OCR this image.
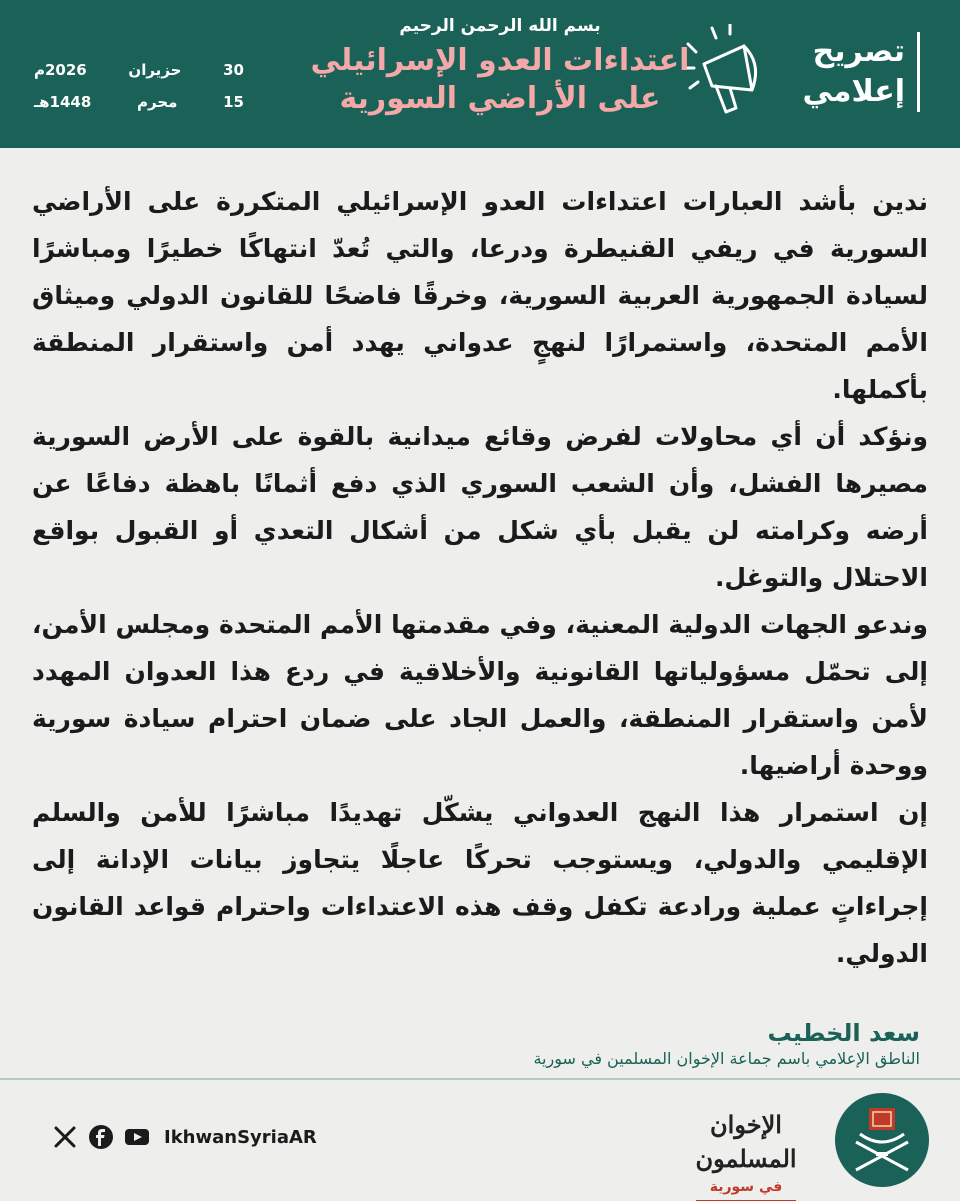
تصريح
إعلامي
بسم الله الرحمن الرحيم
اعتداءات العدو الإسرائيلي
على الأراضي السورية
30
حزيران
2026م
15
محرم
1448هـ

ندين بأشد العبارات اعتداءات العدو الإسرائيلي المتكررة على الأراضي السورية في ريفي القنيطرة ودرعا، والتي تُعدّ انتهاكًا خطيرًا ومباشرًا لسيادة الجمهورية العربية السورية، وخرقًا فاضحًا للقانون الدولي وميثاق الأمم المتحدة، واستمرارًا لنهجٍ عدواني يهدد أمن واستقرار المنطقة بأكملها.

ونؤكد أن أي محاولات لفرض وقائع ميدانية بالقوة على الأرض السورية مصيرها الفشل، وأن الشعب السوري الذي دفع أثمانًا باهظة دفاعًا عن أرضه وكرامته لن يقبل بأي شكل من أشكال التعدي أو القبول بواقع الاحتلال والتوغل.

وندعو الجهات الدولية المعنية، وفي مقدمتها الأمم المتحدة ومجلس الأمن، إلى تحمّل مسؤولياتها القانونية والأخلاقية في ردع هذا العدوان المهدد لأمن واستقرار المنطقة، والعمل الجاد على ضمان احترام سيادة سورية ووحدة أراضيها.

إن استمرار هذا النهج العدواني يشكّل تهديدًا مباشرًا للأمن والسلم الإقليمي والدولي، ويستوجب تحركًا عاجلًا يتجاوز بيانات الإدانة إلى إجراءاتٍ عملية ورادعة تكفل وقف هذه الاعتداءات واحترام قواعد القانون الدولي.

سعد الخطيب
الناطق الإعلامي باسم جماعة الإخوان المسلمين في سورية
الإخوان المسلمون
في سورية
IkhwanSyriaAR
